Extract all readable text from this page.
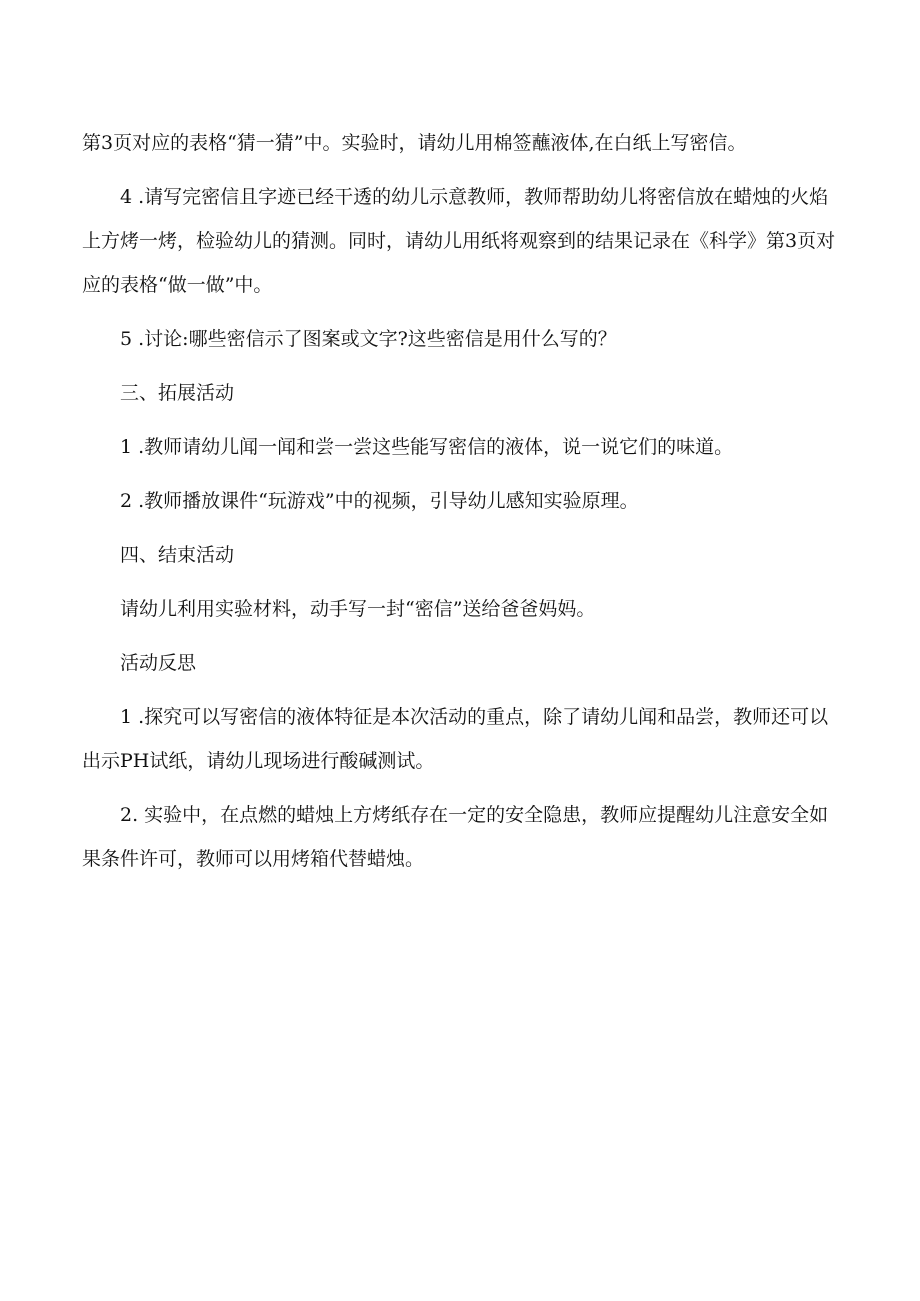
第3页对应的表格“猜一猜”中。实验时，请幼儿用棉签蘸液体,在白纸上写密信。

4 .请写完密信且字迹已经干透的幼儿示意教师，教师帮助幼儿将密信放在蜡烛的火焰上方烤一烤，检验幼儿的猜测。同时，请幼儿用纸将观察到的结果记录在《科学》第3页对应的表格“做一做”中。

5 .讨论:哪些密信示了图案或文字?这些密信是用什么写的？

三、拓展活动

1 .教师请幼儿闻一闻和尝一尝这些能写密信的液体，说一说它们的味道。

2 .教师播放课件“玩游戏”中的视频，引导幼儿感知实验原理。

四、结束活动

请幼儿利用实验材料，动手写一封“密信”送给爸爸妈妈。

活动反思

1 .探究可以写密信的液体特征是本次活动的重点，除了请幼儿闻和品尝，教师还可以出示PH试纸，请幼儿现场进行酸碱测试。

2. 实验中，在点燃的蜡烛上方烤纸存在一定的安全隐患，教师应提醒幼儿注意安全如果条件许可，教师可以用烤箱代替蜡烛。
